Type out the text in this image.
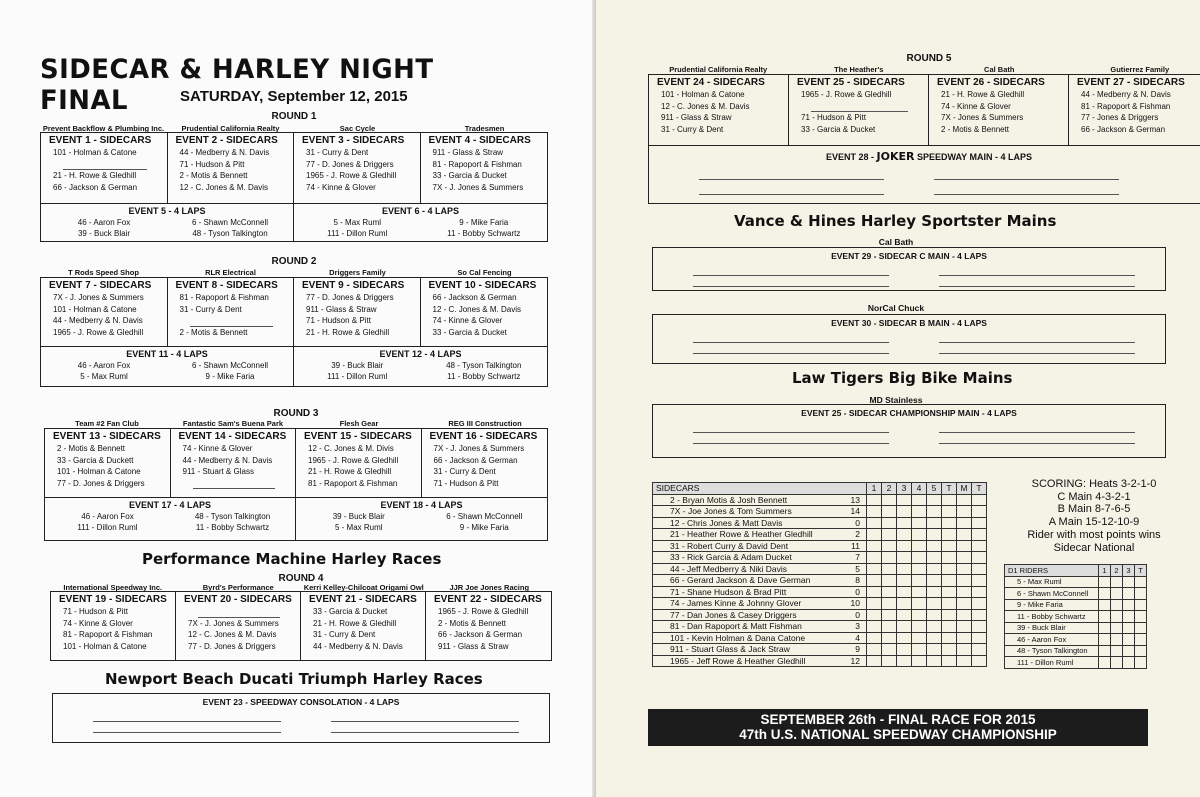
SIDECAR & HARLEY NIGHT FINAL	SATURDAY, September 12, 2015
ROUND 1
Prevent Backflow & Plumbing Inc.	Prudential California Realty	Sac Cycle	Tradesmen
EVENT 1 - SIDECARS
101 - Holman & Catone
21 - H. Rowe & Gledhill
66 - Jackson & German
EVENT 2 - SIDECARS
44 - Medberry & N. Davis
71 - Hudson & Pitt
2 - Motis & Bennett
12 - C. Jones & M. Davis
EVENT 3 - SIDECARS
31 - Curry & Dent
77 - D. Jones & Driggers
1965 - J. Rowe & Gledhill
74 - Kinne & Glover
EVENT 4 - SIDECARS
911 - Glass & Straw
81 - Rapoport & Fishman
33 - Garcia & Ducket
7X - J. Jones & Summers
EVENT 5 - 4 LAPS
46 - Aaron Fox	6 - Shawn McConnell
39 - Buck Blair	48 - Tyson Talkington
EVENT 6 - 4 LAPS
5 - Max Ruml	9 - Mike Faria
111 - Dillon Ruml	11 - Bobby Schwartz
ROUND 2
T Rods Speed Shop	RLR Electrical	Driggers Family	So Cal Fencing
EVENT 7 - SIDECARS
7X - J. Jones & Summers
101 - Holman & Catone
44 - Medberry & N. Davis
1965 - J. Rowe & Gledhill
EVENT 8 - SIDECARS
81 - Rapoport & Fishman
31 - Curry & Dent
2 - Motis & Bennett
EVENT 9 - SIDECARS
77 - D. Jones & Driggers
911 - Glass & Straw
71 - Hudson & Pitt
21 - H. Rowe & Gledhill
EVENT 10 - SIDECARS
66 - Jackson & German
12 - C. Jones & M. Davis
74 - Kinne & Glover
33 - Garcia & Ducket
EVENT 11 - 4 LAPS
46 - Aaron Fox	6 - Shawn McConnell
5 - Max Ruml	9 - Mike Faria
EVENT 12 - 4 LAPS
39 - Buck Blair	48 - Tyson Talkington
111 - Dillon Ruml	11 - Bobby Schwartz
ROUND 3
Team #2 Fan Club	Fantastic Sam's Buena Park	Flesh Gear	REG III Construction
EVENT 13 - SIDECARS
2 - Motis & Bennett
33 - Garcia & Duckett
101 - Holman & Catone
77 - D. Jones & Driggers
EVENT 14 - SIDECARS
74 - Kinne & Glover
44 - Medberry & N. Davis
911 - Stuart & Glass
EVENT 15 - SIDECARS
12 - C. Jones & M. Divis
1965 - J. Rowe & Gledhill
21 - H. Rowe & Gledhill
81 - Rapoport & Fishman
EVENT 16 - SIDECARS
7X - J. Jones & Summers
66 - Jackson & German
31 - Curry & Dent
71 - Hudson & Pitt
EVENT 17 - 4 LAPS
46 - Aaron Fox	48 - Tyson Talkington
111 - Dillon Ruml	11 - Bobby Schwartz
EVENT 18 - 4 LAPS
39 - Buck Blair	6 - Shawn McConnell
5 - Max Ruml	9 - Mike Faria
ROUND 4
International Speedway Inc.	Byrd's Performance	Kerri Kelley-Chilcoat Origami Owl	JJR Joe Jones Racing
EVENT 19 - SIDECARS
71 - Hudson & Pitt
74 - Kinne & Glover
81 - Rapoport & Fishman
101 - Holman & Catone
EVENT 20 - SIDECARS
7X - J. Jones & Summers
12 - C. Jones & M. Davis
77 - D. Jones & Driggers
EVENT 21 - SIDECARS
33 - Garcia & Ducket
21 - H. Rowe & Gledhill
31 - Curry & Dent
44 - Medberry & N. Davis
EVENT 22 - SIDECARS
1965 - J. Rowe & Gledhill
2 - Motis & Bennett
66 - Jackson & German
911 - Glass & Straw
Performance Machine Harley Races
Newport Beach Ducati Triumph Harley Races
EVENT 23 - SPEEDWAY CONSOLATION - 4 LAPS
ROUND 5
Prudential California Realty	The Heather's	Cal Bath	Gutierrez Family
EVENT 24 - SIDECARS
101 - Holman & Catone
12 - C. Jones & M. Davis
911 - Glass & Straw
31 - Curry & Dent
EVENT 25 - SIDECARS
1965 - J. Rowe & Gledhill
71 - Hudson & Pitt
33 - Garcia & Ducket
EVENT 26 - SIDECARS
21 - H. Rowe & Gledhill
74 - Kinne & Glover
7X - Jones & Summers
2 - Motis & Bennett
EVENT 27 - SIDECARS
44 - Medberry & N. Davis
81 - Rapoport & Fishman
77 - Jones & Driggers
66 - Jackson & German
EVENT 28 - JOKER SPEEDWAY MAIN - 4 LAPS
Vance & Hines Harley Sportster Mains
Cal Bath
EVENT 29 - SIDECAR C MAIN - 4 LAPS
NorCal Chuck
EVENT 30 - SIDECAR B MAIN - 4 LAPS
Law Tigers Big Bike Mains
MD Stainless
EVENT 25 - SIDECAR CHAMPIONSHIP MAIN - 4 LAPS
SIDECARS	1	2	3	4	5	T	M	T
2 - Bryan Motis & Josh Bennett 13								

7X - Joe Jones & Tom Summers 14								

12 - Chris Jones & Matt Davis 0								

21 - Heather Rowe & Heather Gledhill 2								

31 - Robert Curry & David Dent 11								

33 - Rick Garcia & Adam Ducket 7								

44 - Jeff Medberry & Niki Davis 5								

66 - Gerard Jackson & Dave German 8								

71 - Shane Hudson & Brad Pitt 0								

74 - James Kinne & Johnny Glover 10								

77 - Dan Jones & Casey Driggers 0								

81 - Dan Rapoport & Matt Fishman 3								

101 - Kevin Holman & Dana Catone 4								

911 - Stuart Glass & Jack Straw 9								

1965 - Jeff Rowe & Heather Gledhill 12								

SCORING: Heats 3-2-1-0
C Main 4-3-2-1
B Main 8-7-6-5
A Main 15-12-10-9
Rider with most points wins
Sidecar National
D1 RIDERS	1	2	3	T
5 - Max Ruml				
6 - Shawn McConnell				
9 - Mike Faria				
11 - Bobby Schwartz				
39 - Buck Blair				
46 - Aaron Fox				
48 - Tyson Talkington				
111 - Dillon Ruml				
SEPTEMBER 26th - FINAL RACE FOR 2015
47th U.S. NATIONAL SPEEDWAY CHAMPIONSHIP
